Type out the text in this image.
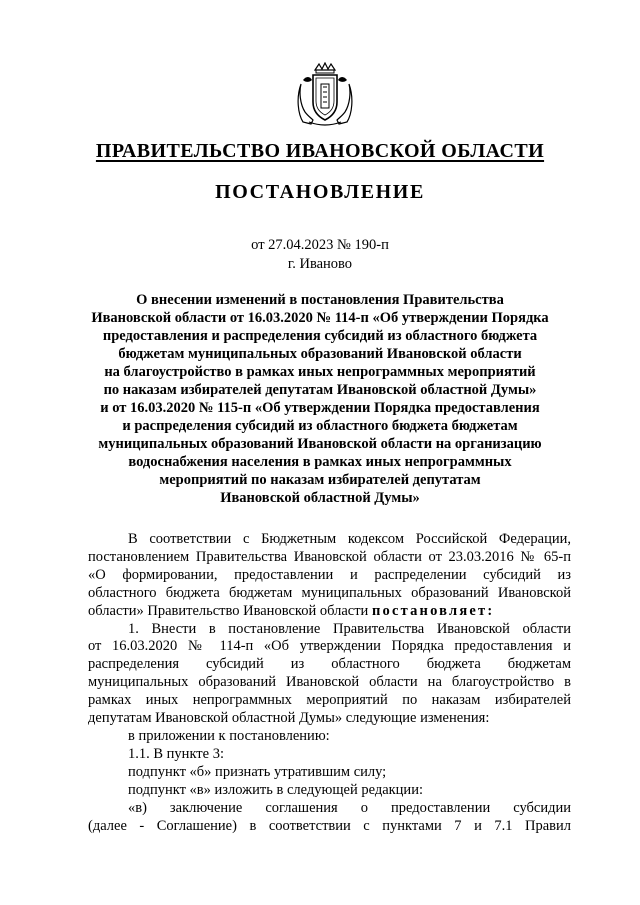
ПРАВИТЕЛЬСТВО ИВАНОВСКОЙ ОБЛАСТИ
ПОСТАНОВЛЕНИЕ
от 27.04.2023 № 190-п
г. Иваново
О внесении изменений в постановления Правительства
Ивановской области от 16.03.2020 № 114-п «Об утверждении Порядка
предоставления и распределения субсидий из областного бюджета
бюджетам муниципальных образований Ивановской области
на благоустройство в рамках иных непрограммных мероприятий
по наказам избирателей депутатам Ивановской областной Думы»
и от 16.03.2020 № 115-п «Об утверждении Порядка предоставления
и распределения субсидий из областного бюджета бюджетам
муниципальных образований Ивановской области на организацию
водоснабжения населения в рамках иных непрограммных
мероприятий по наказам избирателей депутатам
Ивановской областной Думы»
В соответствии с Бюджетным кодексом Российской Федерации,
постановлением Правительства Ивановской области от 23.03.2016 № 65-п
«О формировании, предоставлении и распределении субсидий из
областного бюджета бюджетам муниципальных образований Ивановской
области» Правительство Ивановской области постановляет:
1. Внести в постановление Правительства Ивановской области
от 16.03.2020 № 114-п «Об утверждении Порядка предоставления и
распределения субсидий из областного бюджета бюджетам
муниципальных образований Ивановской области на благоустройство в
рамках иных непрограммных мероприятий по наказам избирателей
депутатам Ивановской областной Думы» следующие изменения:
в приложении к постановлению:
1.1. В пункте 3:
подпункт «б» признать утратившим силу;
подпункт «в» изложить в следующей редакции:
«в) заключение соглашения о предоставлении субсидии
(далее - Соглашение) в соответствии с пунктами 7 и 7.1 Правил
